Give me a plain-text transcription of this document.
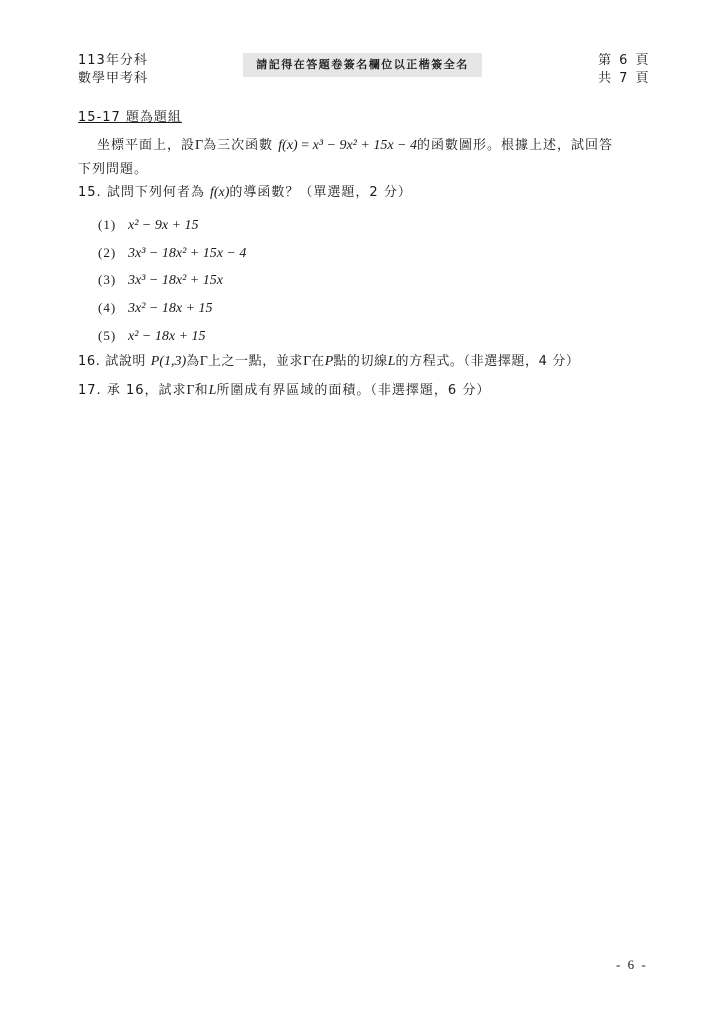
113年分科
數學甲考科
請記得在答題卷簽名欄位以正楷簽全名	第 6 頁
共 7 頁
15-17 題為題組
坐標平面上，設Γ為三次函數 f(x) = x³ − 9x² + 15x − 4的函數圖形。根據上述，試回答
下列問題。
15. 試問下列何者為 f(x)的導函數？（單選題，2 分）
(1) x² − 9x + 15
(2) 3x³ − 18x² + 15x − 4
(3) 3x³ − 18x² + 15x
(4) 3x² − 18x + 15
(5) x² − 18x + 15
16. 試說明 P(1,3)為Γ上之一點，並求Γ在P點的切線L的方程式。（非選擇題，4 分）
17. 承 16，試求Γ和L所圍成有界區域的面積。（非選擇題，6 分）
- 6 -
